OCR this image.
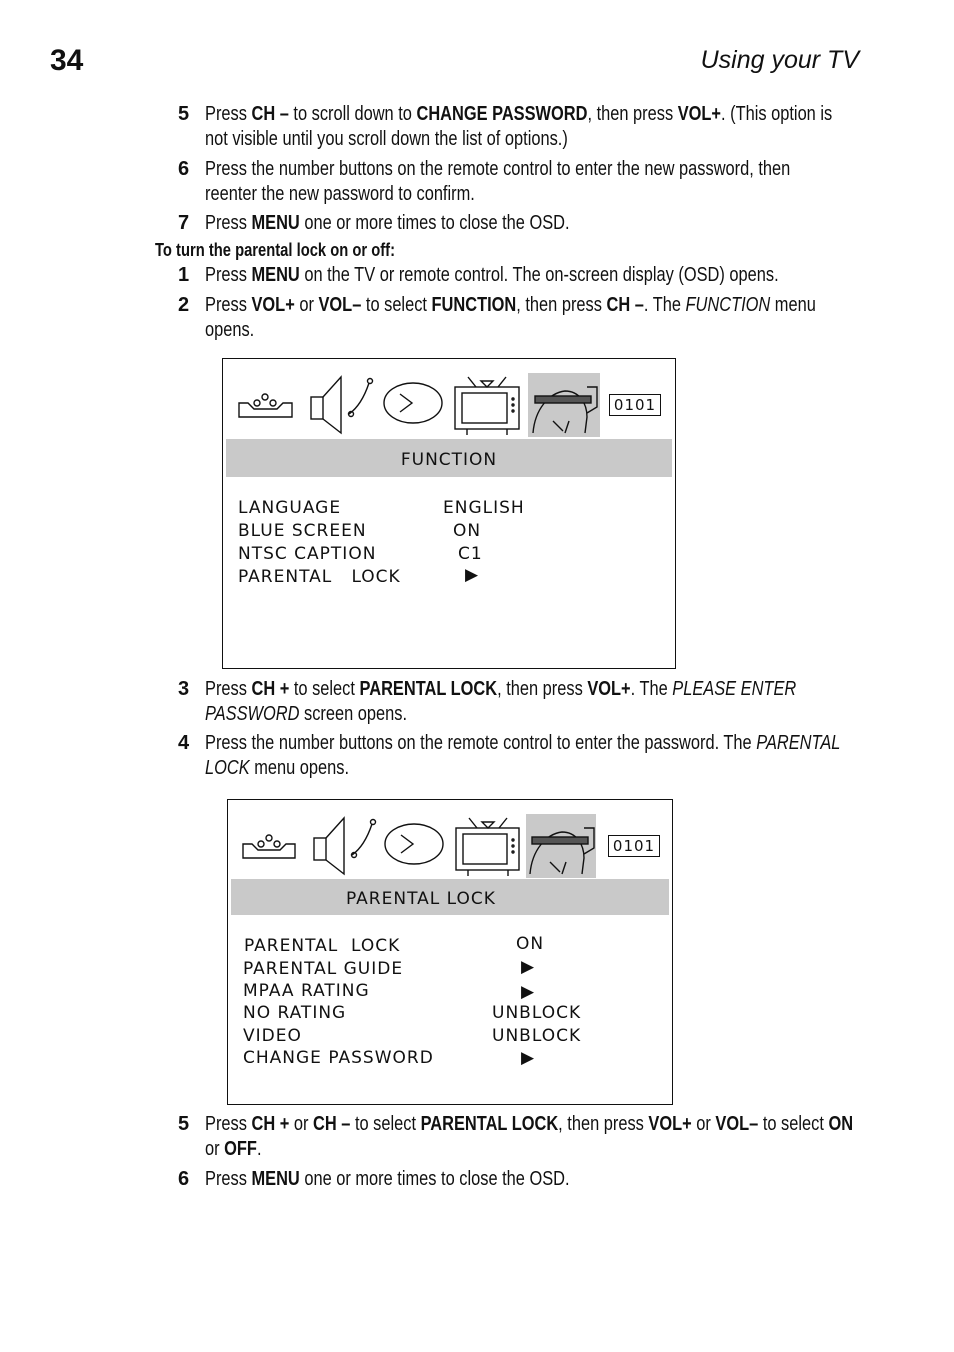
34	Using your TV
5 Press CH – to scroll down to CHANGE PASSWORD, then press VOL+. (This option is
not visible until you scroll down the list of options.)
6 Press the number buttons on the remote control to enter the new password, then
reenter the new password to confirm.
7 Press MENU one or more times to close the OSD.
To turn the parental lock on or off:
1 Press MENU on the TV or remote control. The on-screen display (OSD) opens.
2 Press VOL+ or VOL– to select FUNCTION, then press CH –. The FUNCTION menu
opens.
0101
FUNCTION
LANGUAGE	ENGLISH
BLUE SCREEN	ON
NTSC CAPTION	C1
PARENTAL   LOCK	▶
3 Press CH + to select PARENTAL LOCK, then press VOL+. The PLEASE ENTER
PASSWORD screen opens.
4 Press the number buttons on the remote control to enter the password. The PARENTAL
LOCK menu opens.
0101
PARENTAL LOCK
PARENTAL  LOCK	ON
PARENTAL GUIDE	▶
MPAA RATING	▶
NO RATING	UNBLOCK
VIDEO	UNBLOCK
CHANGE PASSWORD	▶
5 Press CH + or CH – to select PARENTAL LOCK, then press VOL+ or VOL– to select ON
or OFF.
6 Press MENU one or more times to close the OSD.
